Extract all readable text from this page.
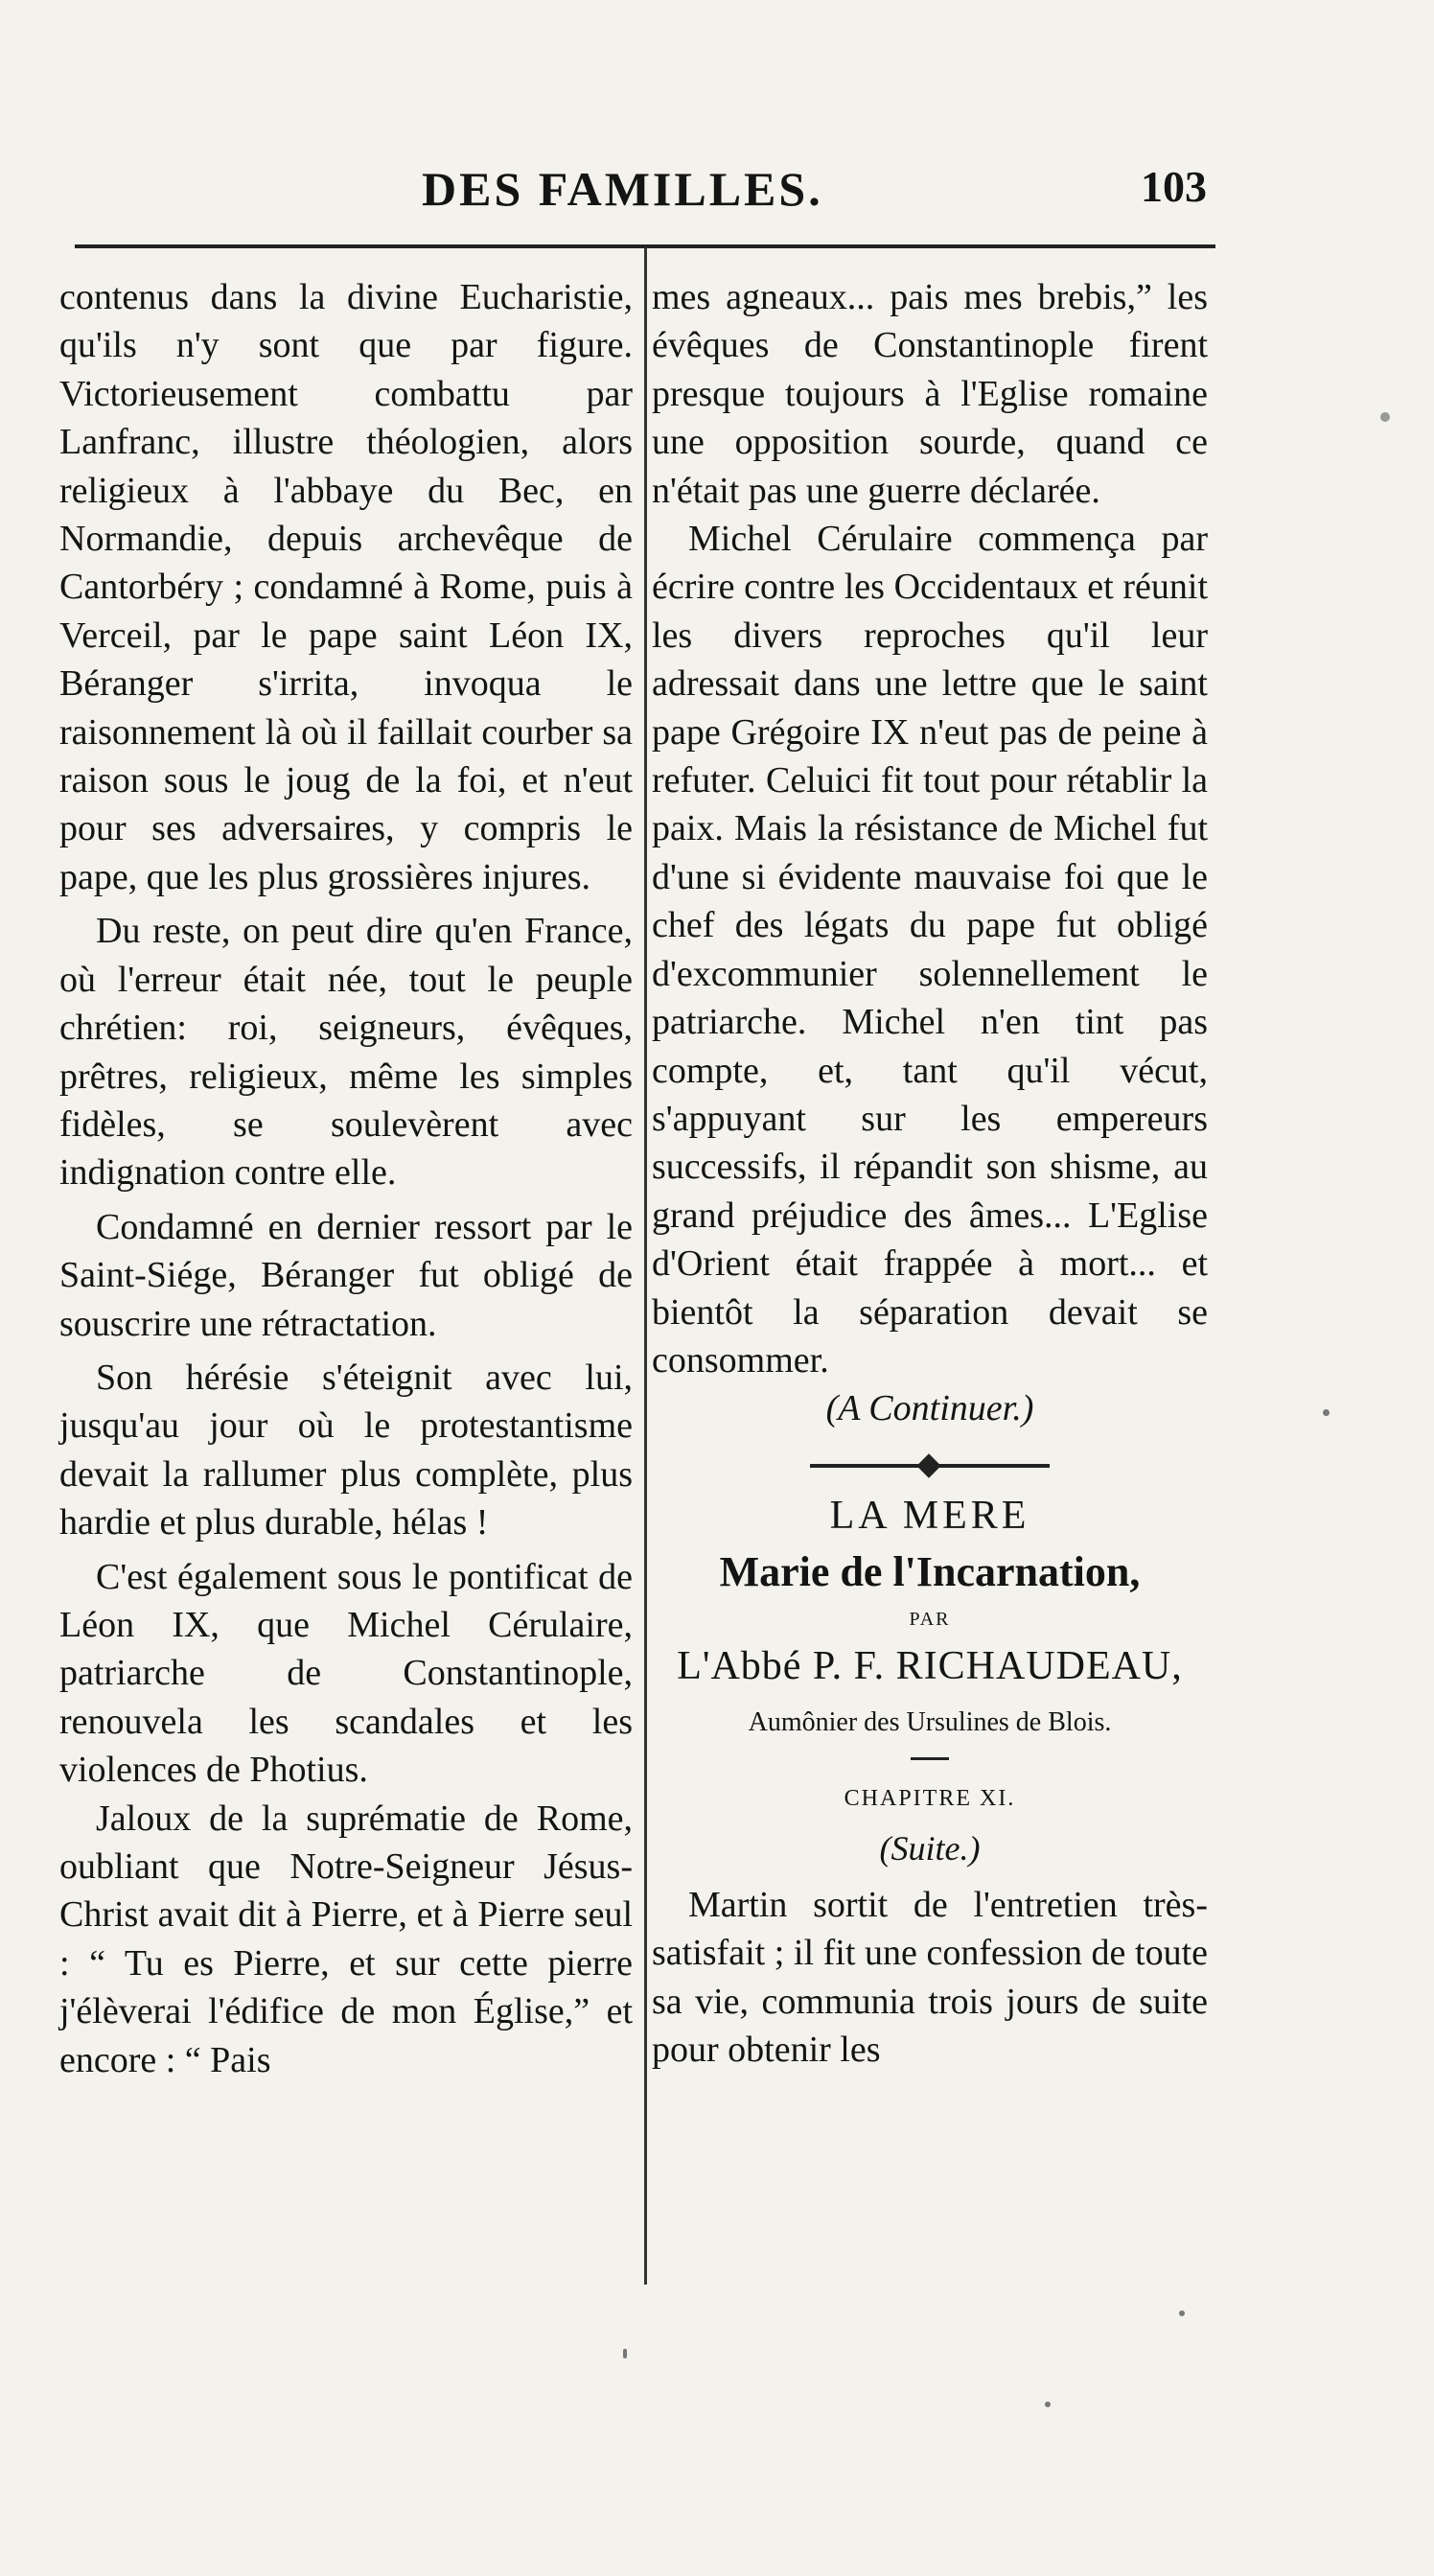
DES FAMILLES.	103

contenus dans la divine Eucharistie, qu'ils n'y sont que par figure. Victorieusement combattu par Lanfranc, illustre théologien, alors religieux à l'abbaye du Bec, en Normandie, depuis archevêque de Cantorbéry ; condamné à Rome, puis à Verceil, par le pape saint Léon IX, Béranger s'irrita, invoqua le raisonnement là où il faillait courber sa raison sous le joug de la foi, et n'eut pour ses adversaires, y compris le pape, que les plus grossières injures.

Du reste, on peut dire qu'en France, où l'erreur était née, tout le peuple chrétien: roi, seigneurs, évêques, prêtres, religieux, même les simples fidèles, se soulevèrent avec indignation contre elle.

Condamné en dernier ressort par le Saint-Siége, Béranger fut obligé de souscrire une rétractation.

Son hérésie s'éteignit avec lui, jusqu'au jour où le protestantisme devait la rallumer plus complète, plus hardie et plus durable, hélas !

C'est également sous le pontificat de Léon IX, que Michel Cérulaire, patriarche de Constantinople, renouvela les scandales et les violences de Photius.

Jaloux de la suprématie de Rome, oubliant que Notre-Seigneur Jésus-Christ avait dit à Pierre, et à Pierre seul : “ Tu es Pierre, et sur cette pierre j'élèverai l'édifice de mon Église,” et encore : “ Pais

mes agneaux... pais mes brebis,” les évêques de Constantinople firent presque toujours à l'Eglise romaine une opposition sourde, quand ce n'était pas une guerre déclarée.

Michel Cérulaire commença par écrire contre les Occidentaux et réunit les divers reproches qu'il leur adressait dans une lettre que le saint pape Grégoire IX n'eut pas de peine à refuter. Celuici fit tout pour rétablir la paix. Mais la résistance de Michel fut d'une si évidente mauvaise foi que le chef des légats du pape fut obligé d'excommunier solennellement le patriarche. Michel n'en tint pas compte, et, tant qu'il vécut, s'appuyant sur les empereurs successifs, il répandit son shisme, au grand préjudice des âmes... L'Eglise d'Orient était frappée à mort... et bientôt la séparation devait se consommer.

(A Continuer.)

LA MERE
Marie de l'Incarnation,
PAR
L'Abbé P. F. RICHAUDEAU,
Aumônier des Ursulines de Blois.
CHAPITRE XI.
(Suite.)

Martin sortit de l'entretien très-satisfait ; il fit une confession de toute sa vie, communia trois jours de suite pour obtenir les
